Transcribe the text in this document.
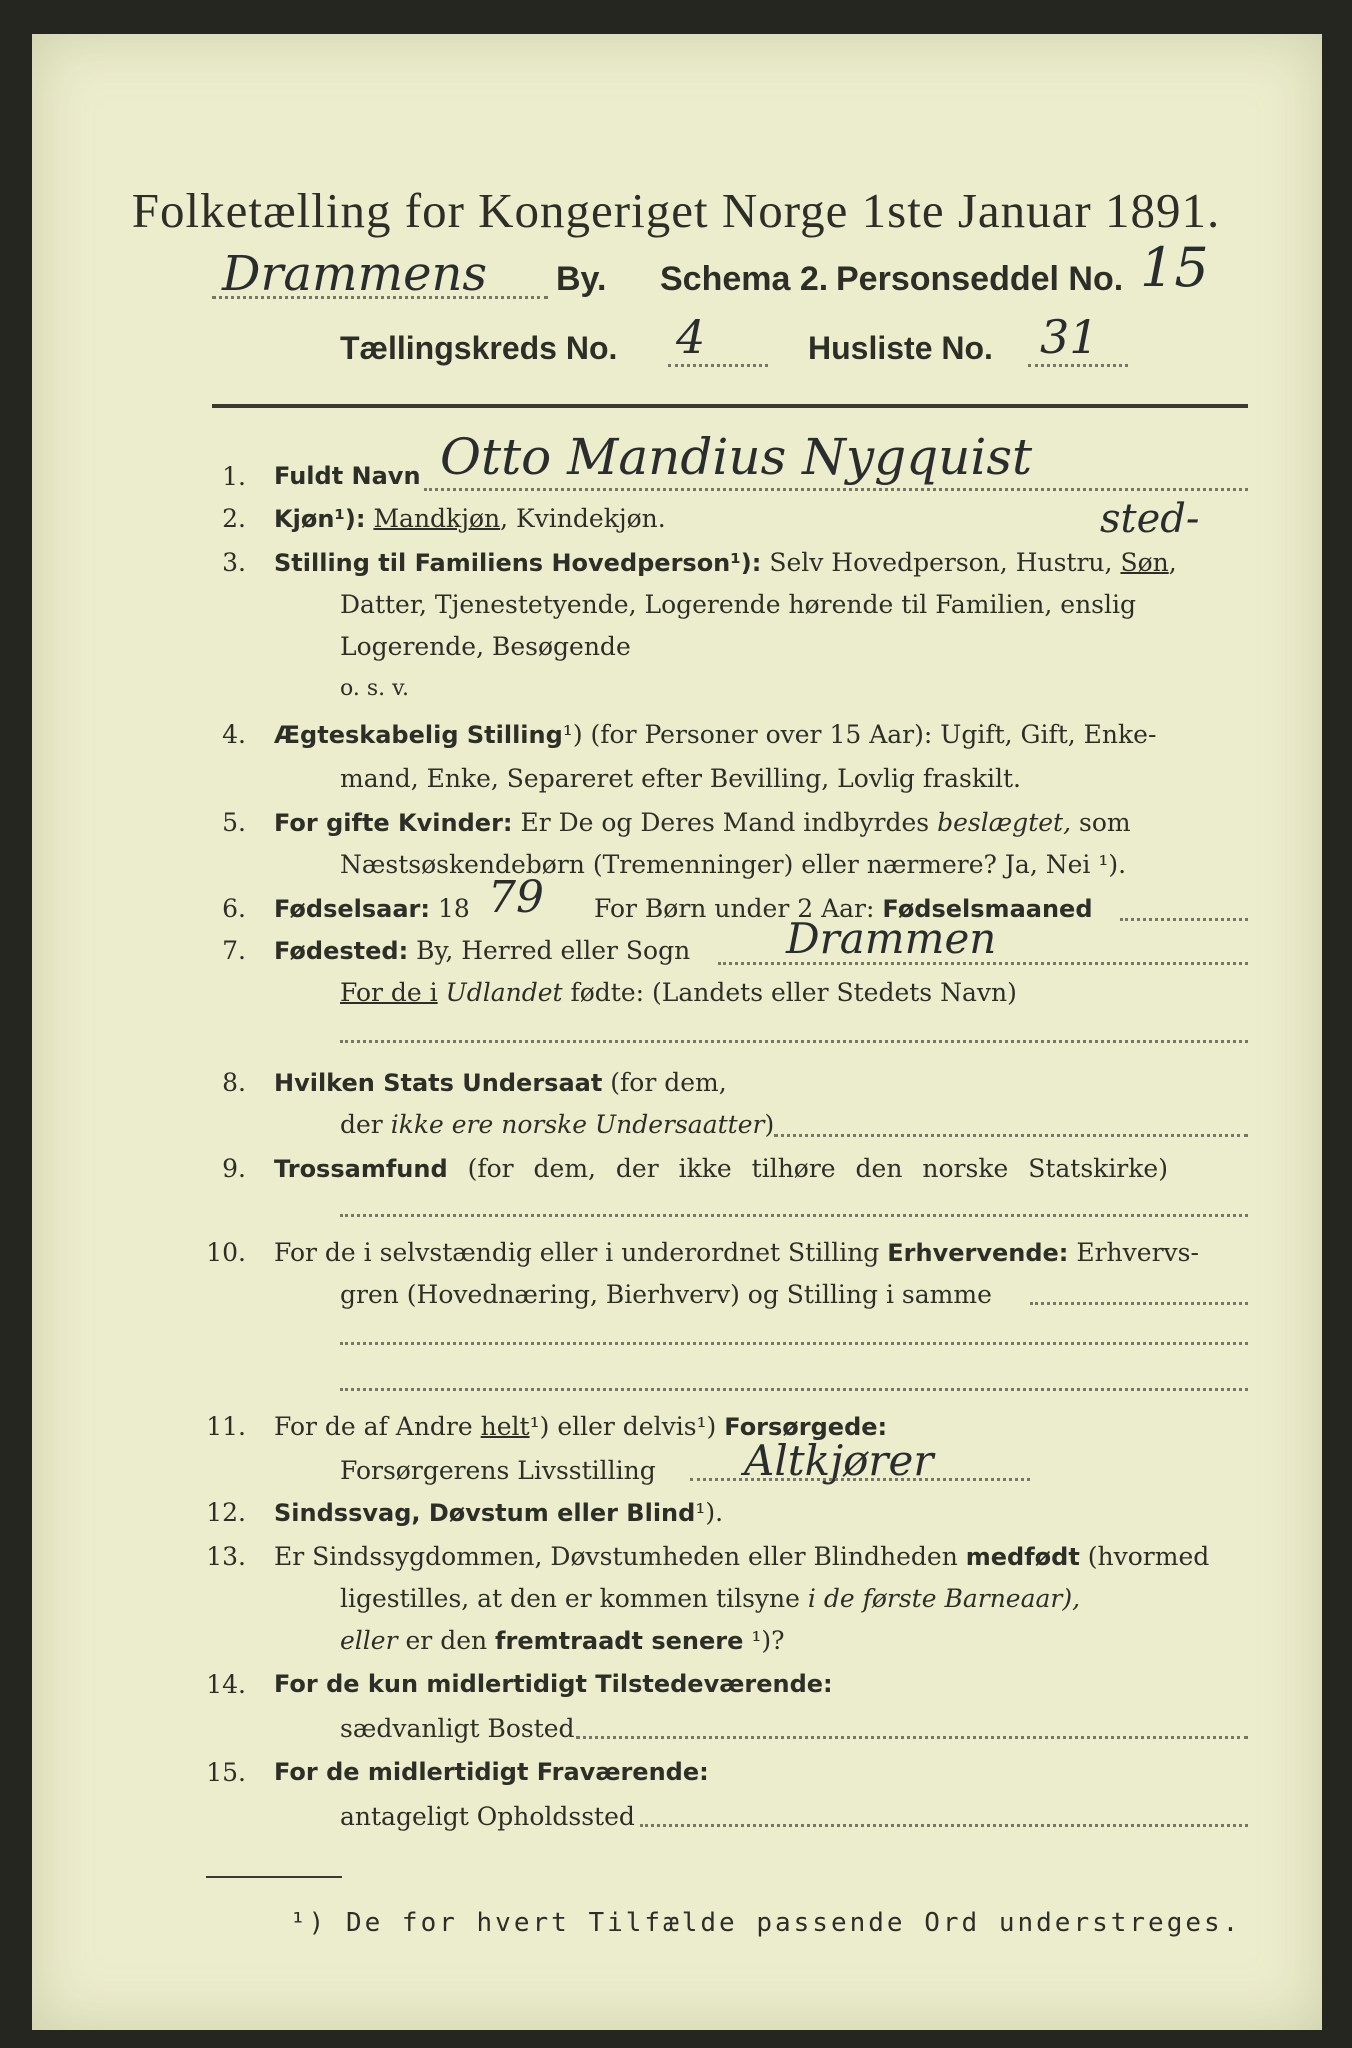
Folketælling for Kongeriget Norge 1ste Januar 1891.
Drammens By. Schema 2. Personseddel No. 15
Tællingskreds No. 4	Husliste No. 31
1. Fuldt Navn Otto Mandius Nygquist
2. Kjøn¹): Mandkjøn, Kvindekjøn.	sted-
3. Stilling til Familiens Hovedperson¹): Selv Hovedperson, Hustru, Søn,
Datter, Tjenestetyende, Logerende hørende til Familien, enslig
Logerende, Besøgende
o. s. v.
4. Ægteskabelig Stilling¹) (for Personer over 15 Aar): Ugift, Gift, Enke-
mand, Enke, Separeret efter Bevilling, Lovlig fraskilt.
5. For gifte Kvinder: Er De og Deres Mand indbyrdes beslægtet, som
Næstsøskendebørn (Tremenninger) eller nærmere? Ja, Nei ¹).
6. Fødselsaar: 18 79 For Børn under 2 Aar: Fødselsmaaned
7. Fødested: By, Herred eller Sogn Drammen
For de i Udlandet fødte: (Landets eller Stedets Navn)
8. Hvilken Stats Undersaat (for dem,
der ikke ere norske Undersaatter)
9. Trossamfund (for dem, der ikke tilhøre den norske Statskirke)
10. For de i selvstændig eller i underordnet Stilling Erhvervende: Erhvervs-
gren (Hovednæring, Bierhverv) og Stilling i samme
11. For de af Andre helt¹) eller delvis¹) Forsørgede:
Forsørgerens Livsstilling Altkjører
12. Sindssvag, Døvstum eller Blind¹).
13. Er Sindssygdommen, Døvstumheden eller Blindheden medfødt (hvormed
ligestilles, at den er kommen tilsyne i de første Barneaar),
eller er den fremtraadt senere ¹)?
14. For de kun midlertidigt Tilstedeværende:
sædvanligt Bosted
15. For de midlertidigt Fraværende:
antageligt Opholdssted
¹) De for hvert Tilfælde passende Ord understreges.
